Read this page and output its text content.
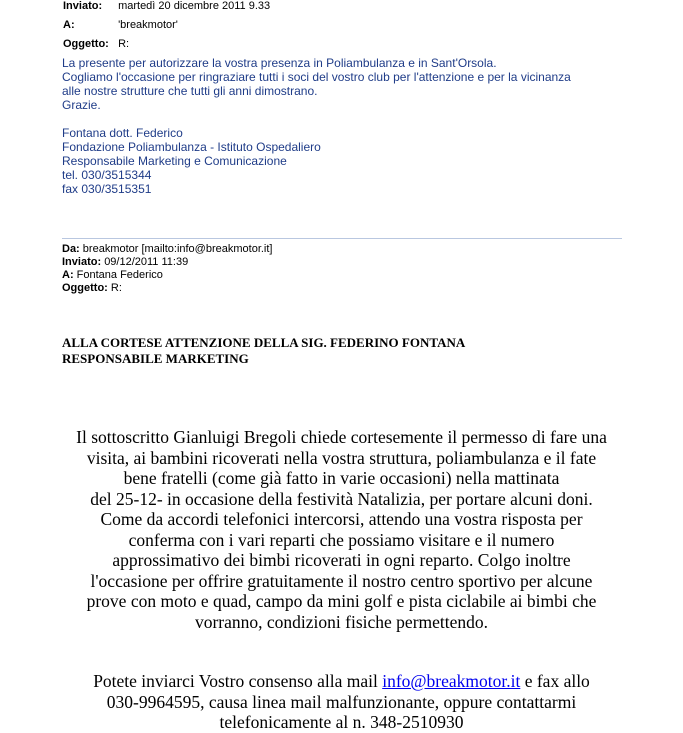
Inviato: martedì 20 dicembre 2011 9.33
A:	'breakmotor'
Oggetto: R:
La presente per autorizzare la vostra presenza in Poliambulanza e in Sant'Orsola.
Cogliamo l'occasione per ringraziare tutti i soci del vostro club per l'attenzione e per la vicinanza
alle nostre strutture che tutti gli anni dimostrano.
Grazie.
Fontana dott. Federico
Fondazione Poliambulanza - Istituto Ospedaliero
Responsabile Marketing e Comunicazione
tel. 030/3515344
fax 030/3515351
Da: breakmotor [mailto:info@breakmotor.it]
Inviato: 09/12/2011 11:39
A: Fontana Federico
Oggetto: R:
ALLA CORTESE ATTENZIONE DELLA SIG. FEDERINO FONTANA
RESPONSABILE MARKETING
Il sottoscritto Gianluigi Bregoli chiede cortesemente il permesso di fare una
visita, ai bambini ricoverati nella vostra struttura, poliambulanza e il fate
bene fratelli (come già fatto in varie occasioni) nella mattinata
del 25-12- in occasione della festività Natalizia, per portare alcuni doni.
Come da accordi telefonici intercorsi, attendo una vostra risposta per
conferma con i vari reparti che possiamo visitare e il numero
approssimativo dei bimbi ricoverati in ogni reparto. Colgo inoltre
l'occasione per offrire gratuitamente il nostro centro sportivo per alcune
prove con moto e quad, campo da mini golf e pista ciclabile ai bimbi che
vorranno, condizioni fisiche permettendo.
Potete inviarci Vostro consenso alla mail info@breakmotor.it e fax allo
030-9964595, causa linea mail malfunzionante, oppure contattarmi
telefonicamente al n. 348-2510930
